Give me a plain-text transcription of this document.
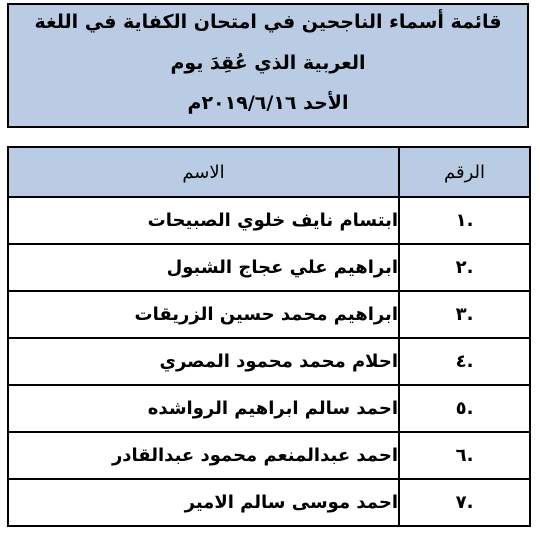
قائمة أسماء الناجحين في امتحان الكفاية في اللغة
العربية الذي عُقِدَ يوم
الأحد ٢٠١٩/٦/١٦م
الرقم	الاسم
.١	ابتسام نايف خلوي الصبيحات
.٢	ابراهيم علي عجاج الشبول
.٣	ابراهيم محمد حسين الزريقات
.٤	احلام محمد محمود المصري
.٥	احمد سالم ابراهيم الرواشده
.٦	احمد عبدالمنعم محمود عبدالقادر
.٧	احمد موسى سالم الامير
